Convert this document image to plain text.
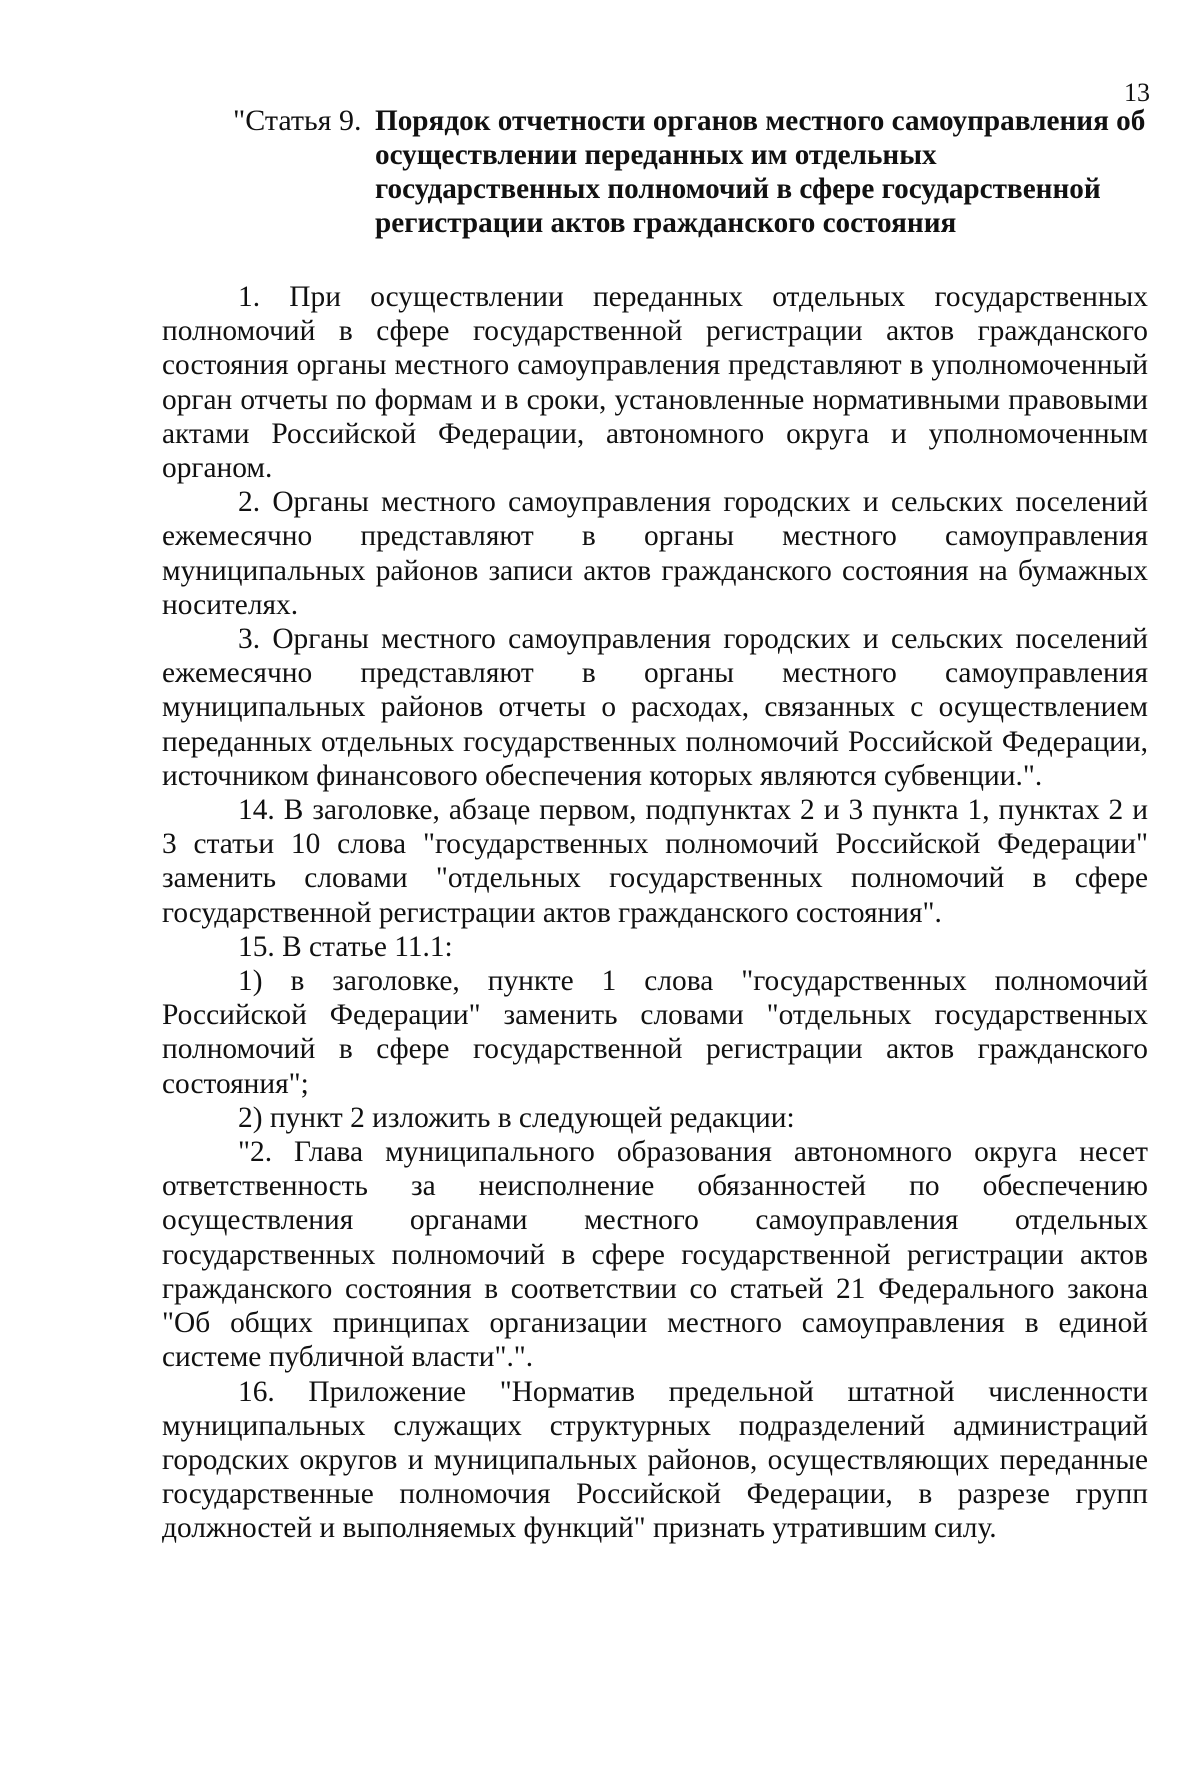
13
"Статья 9. Порядок отчетности органов местного самоуправления об осуществлении переданных им отдельных государственных полномочий в сфере государственной регистрации актов гражданского состояния

1. При осуществлении переданных отдельных государственных полномочий в сфере государственной регистрации актов гражданского состояния органы местного самоуправления представляют в уполномоченный орган отчеты по формам и в сроки, установленные нормативными правовыми актами Российской Федерации, автономного округа и уполномоченным органом.

2. Органы местного самоуправления городских и сельских поселений ежемесячно представляют в органы местного самоуправления муниципальных районов записи актов гражданского состояния на бумажных носителях.

3. Органы местного самоуправления городских и сельских поселений ежемесячно представляют в органы местного самоуправления муниципальных районов отчеты о расходах, связанных с осуществлением переданных отдельных государственных полномочий Российской Федерации, источником финансового обеспечения которых являются субвенции.".

14. В заголовке, абзаце первом, подпунктах 2 и 3 пункта 1, пунктах 2 и 3 статьи 10 слова "государственных полномочий Российской Федерации" заменить словами "отдельных государственных полномочий в сфере государственной регистрации актов гражданского состояния".

15. В статье 11.1:

1) в заголовке, пункте 1 слова "государственных полномочий Российской Федерации" заменить словами "отдельных государственных полномочий в сфере государственной регистрации актов гражданского состояния";

2) пункт 2 изложить в следующей редакции:

"2. Глава муниципального образования автономного округа несет ответственность за неисполнение обязанностей по обеспечению осуществления органами местного самоуправления отдельных государственных полномочий в сфере государственной регистрации актов гражданского состояния в соответствии со статьей 21 Федерального закона "Об общих принципах организации местного самоуправления в единой системе публичной власти".".

16. Приложение "Норматив предельной штатной численности муниципальных служащих структурных подразделений администраций городских округов и муниципальных районов, осуществляющих переданные государственные полномочия Российской Федерации, в разрезе групп должностей и выполняемых функций" признать утратившим силу.
